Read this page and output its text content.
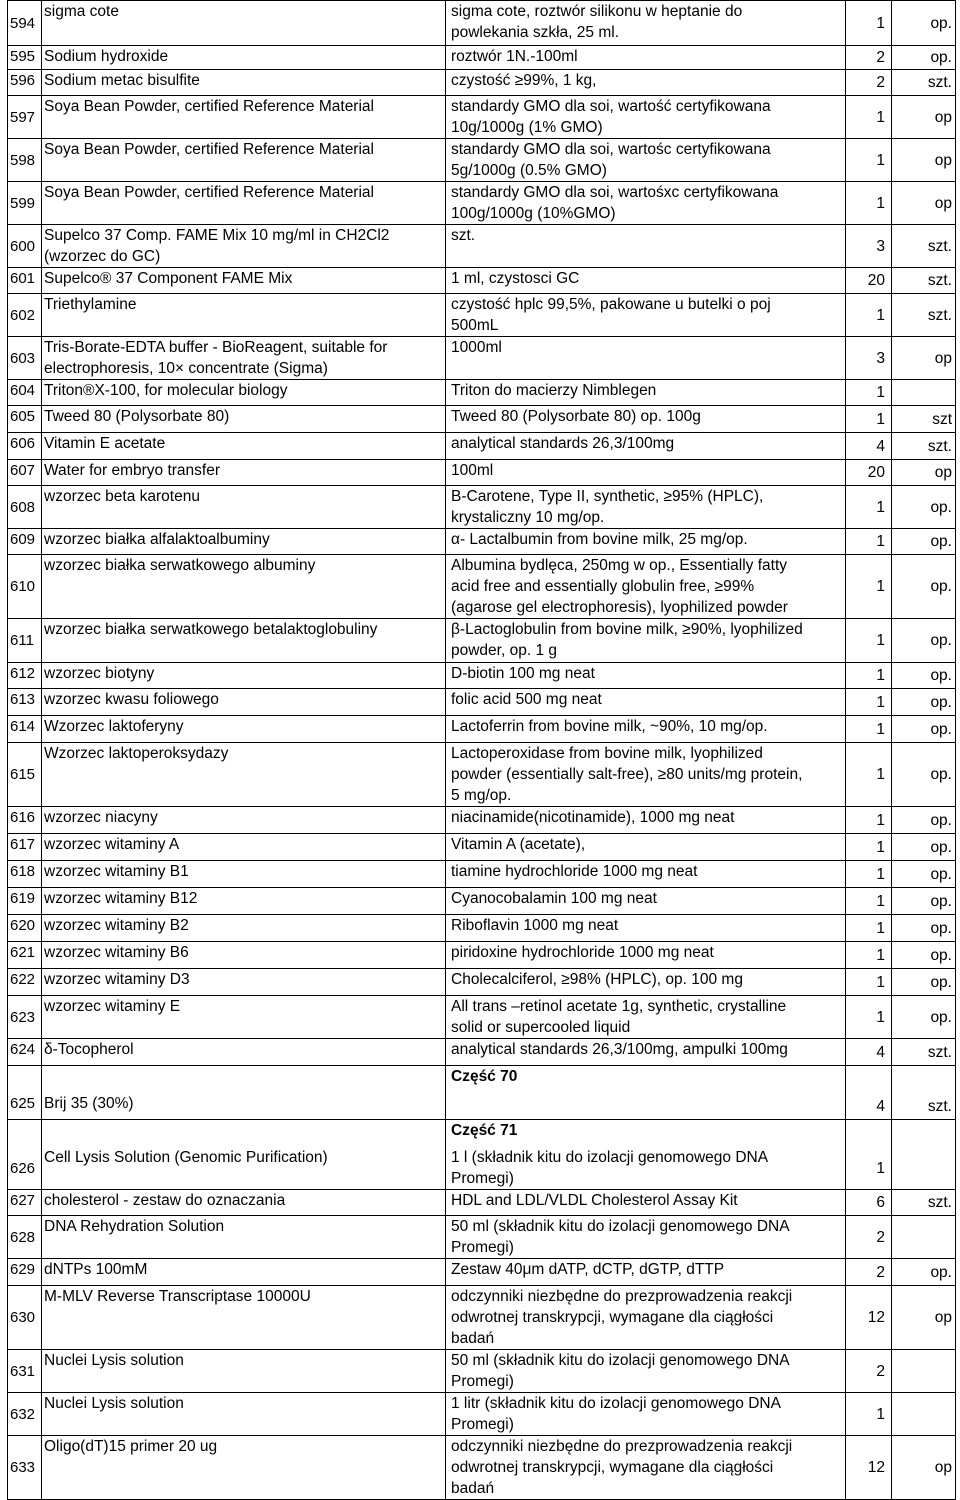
594	sigma cote	sigma cote, roztwór silikonu w heptanie do
powlekania szkła, 25 ml.	1	op.
595	Sodium hydroxide	roztwór 1N.-100ml	2	op.
596	Sodium metac bisulfite	czystość ≥99%, 1 kg,	2	szt.
597	Soya Bean Powder, certified Reference Material	standardy GMO dla soi, wartość certyfikowana
10g/1000g (1% GMO)	1	op
598	Soya Bean Powder, certified Reference Material	standardy GMO dla soi, wartośc certyfikowana
5g/1000g (0.5% GMO)	1	op
599	Soya Bean Powder, certified Reference Material	standardy GMO dla soi, wartośxc certyfikowana
100g/1000g (10%GMO)	1	op
600	Supelco 37 Comp. FAME Mix 10 mg/ml in CH2Cl2
(wzorzec do GC)	szt.	3	szt.
601	Supelco® 37 Component FAME Mix	1 ml, czystosci GC	20	szt.
602	Triethylamine	czystość hplc 99,5%, pakowane u butelki o poj
500mL	1	szt.
603	Tris-Borate-EDTA buffer - BioReagent, suitable for
electrophoresis, 10× concentrate (Sigma)	1000ml	3	op
604	Triton®X-100, for molecular biology	Triton do macierzy Nimblegen	1	
605	Tweed 80 (Polysorbate 80)	Tweed 80 (Polysorbate 80) op. 100g	1	szt
606	Vitamin E acetate	analytical standards 26,3/100mg	4	szt.
607	Water for embryo transfer	100ml	20	op
608	wzorzec beta karotenu	B-Carotene, Type II, synthetic, ≥95% (HPLC),
krystaliczny 10 mg/op.	1	op.
609	wzorzec białka alfalaktoalbuminy	α- Lactalbumin from bovine milk, 25 mg/op.	1	op.
610	wzorzec białka serwatkowego albuminy	Albumina bydlęca, 250mg w op., Essentially fatty
acid free and essentially globulin free, ≥99%
(agarose gel electrophoresis), lyophilized powder	1	op.
611	wzorzec białka serwatkowego betalaktoglobuliny	β-Lactoglobulin from bovine milk, ≥90%, lyophilized
powder, op. 1 g	1	op.
612	wzorzec biotyny	D-biotin 100 mg neat	1	op.
613	wzorzec kwasu foliowego	folic acid 500 mg neat	1	op.
614	Wzorzec laktoferyny	Lactoferrin from bovine milk, ~90%, 10 mg/op.	1	op.
615	Wzorzec laktoperoksydazy	Lactoperoxidase from bovine milk, lyophilized
powder (essentially salt-free), ≥80 units/mg protein,
5 mg/op.	1	op.
616	wzorzec niacyny	niacinamide(nicotinamide), 1000 mg neat	1	op.
617	wzorzec witaminy A	Vitamin A (acetate),	1	op.
618	wzorzec witaminy B1	tiamine hydrochloride 1000 mg neat	1	op.
619	wzorzec witaminy B12	Cyanocobalamin 100 mg neat	1	op.
620	wzorzec witaminy B2	Riboflavin 1000 mg neat	1	op.
621	wzorzec witaminy B6	piridoxine hydrochloride 1000 mg neat	1	op.
622	wzorzec witaminy D3	Cholecalciferol, ≥98% (HPLC), op. 100 mg	1	op.
623	wzorzec witaminy E	All trans –retinol acetate 1g, synthetic, crystalline
solid or supercooled liquid	1	op.
624	δ-Tocopherol	analytical standards 26,3/100mg, ampulki 100mg	4	szt.

		Część 70		

625	Brij 35 (30%)		4	szt.

		Część 71		

626	Cell Lysis Solution (Genomic Purification)	1 l (składnik kitu do izolacji genomowego DNA
Promegi)	1	
627	cholesterol - zestaw do oznaczania	HDL and LDL/VLDL Cholesterol Assay Kit	6	szt.
628	DNA Rehydration Solution	50 ml (składnik kitu do izolacji genomowego DNA
Promegi)	2	
629	dNTPs 100mM	Zestaw 40μm dATP, dCTP, dGTP, dTTP	2	op.
630	M-MLV Reverse Transcriptase 10000U	odczynniki niezbędne do prezprowadzenia reakcji
odwrotnej transkrypcji, wymagane dla ciągłości
badań	12	op
631	Nuclei Lysis solution	50 ml (składnik kitu do izolacji genomowego DNA
Promegi)	2	
632	Nuclei Lysis solution	1 litr (składnik kitu do izolacji genomowego DNA
Promegi)	1	
633	Oligo(dT)15 primer 20 ug	odczynniki niezbędne do prezprowadzenia reakcji
odwrotnej transkrypcji, wymagane dla ciągłości
badań	12	op
